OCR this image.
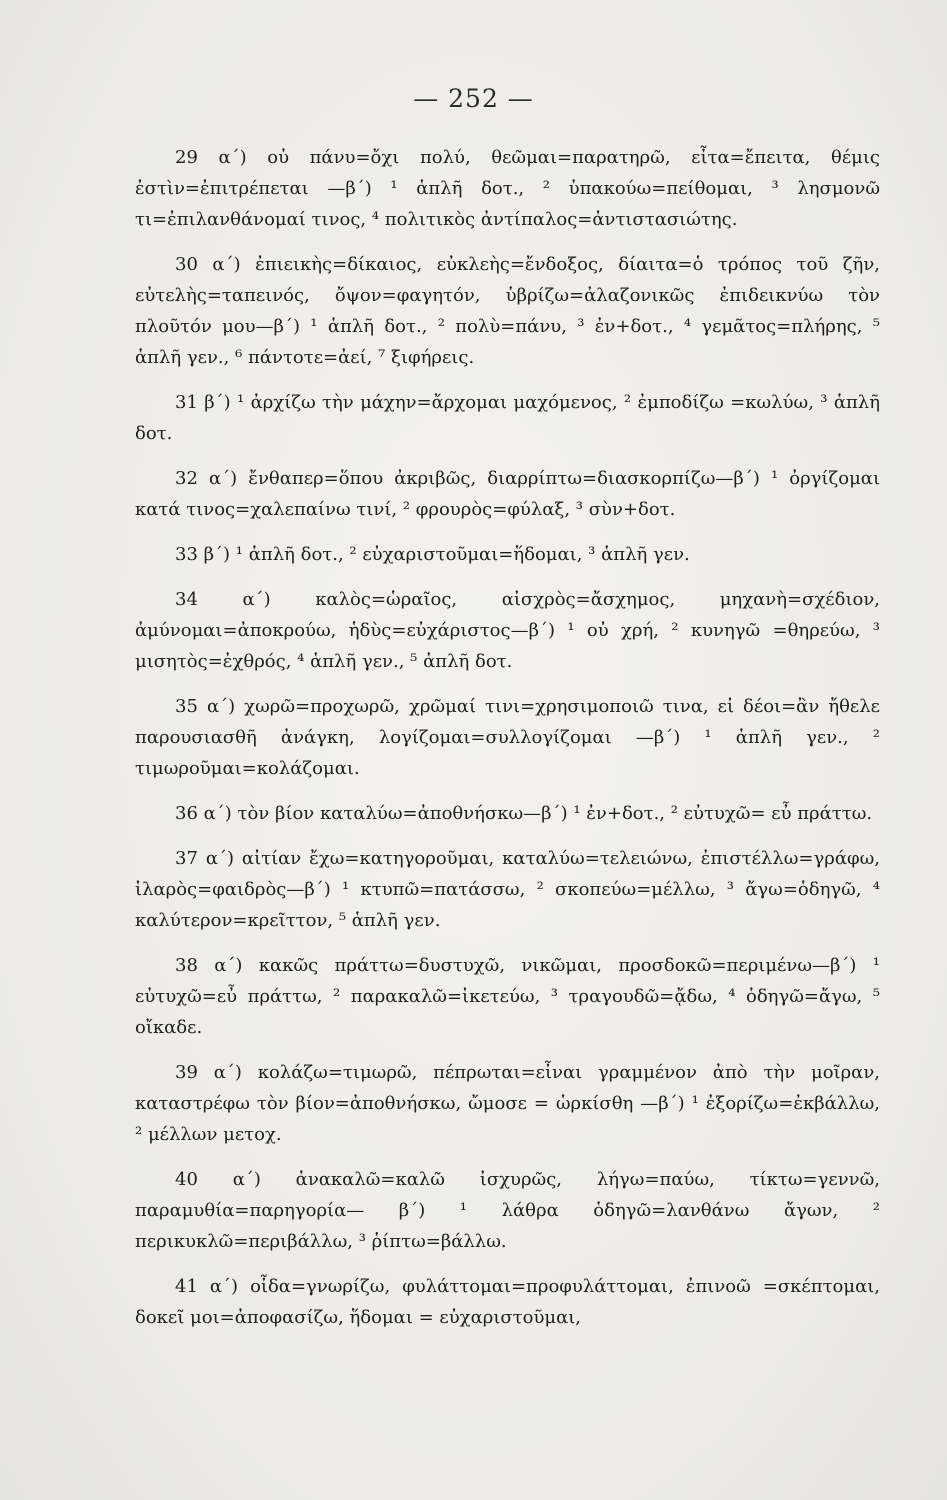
— 252 —

29 α΄) οὐ πάνυ=ὄχι πολύ, θεῶμαι=παρατηρῶ, εἶτα=ἔπειτα, θέμις ἐστὶν=ἐπιτρέπεται —β΄) ¹ ἁπλῆ δοτ., ² ὑπακούω=πείθομαι, ³ λησμονῶ τι=ἐπιλανθάνομαί τινος, ⁴ πολιτικὸς ἀντίπαλος=ἀντιστασιώτης.

30 α΄) ἐπιεικὴς=δίκαιος, εὐκλεὴς=ἔνδοξος, δίαιτα=ὁ τρόπος τοῦ ζῆν, εὐτελὴς=ταπεινός, ὄψον=φαγητόν, ὑβρίζω=ἀλαζονικῶς ἐπιδεικνύω τὸν πλοῦτόν μου—β΄) ¹ ἁπλῆ δοτ., ² πολὺ=πάνυ, ³ ἐν+δοτ., ⁴ γεμᾶτος=πλήρης, ⁵ ἁπλῆ γεν., ⁶ πάντοτε=ἀεί, ⁷ ξιφήρεις.

31 β΄) ¹ ἀρχίζω τὴν μάχην=ἄρχομαι μαχόμενος, ² ἐμποδίζω =κωλύω, ³ ἁπλῆ δοτ.

32 α΄) ἔνθαπερ=ὅπου ἀκριβῶς, διαρρίπτω=διασκορπίζω—β΄) ¹ ὀργίζομαι κατά τινος=χαλεπαίνω τινί, ² φρουρὸς=φύλαξ, ³ σὺν+δοτ.

33 β΄) ¹ ἁπλῆ δοτ., ² εὐχαριστοῦμαι=ἥδομαι, ³ ἁπλῆ γεν.

34 α΄) καλὸς=ὡραῖος, αἰσχρὸς=ἄσχημος, μηχανὴ=σχέδιον, ἀμύνομαι=ἀποκρούω, ἡδὺς=εὐχάριστος—β΄) ¹ οὐ χρή, ² κυνηγῶ =θηρεύω, ³ μισητὸς=ἐχθρός, ⁴ ἁπλῆ γεν., ⁵ ἁπλῆ δοτ.

35 α΄) χωρῶ=προχωρῶ, χρῶμαί τινι=χρησιμοποιῶ τινα, εἰ δέοι=ἂν ἤθελε παρουσιασθῆ ἀνάγκη, λογίζομαι=συλλογίζομαι —β΄) ¹ ἁπλῆ γεν., ² τιμωροῦμαι=κολάζομαι.

36 α΄) τὸν βίον καταλύω=ἀποθνήσκω—β΄) ¹ ἐν+δοτ., ² εὐτυχῶ= εὖ πράττω.

37 α΄) αἰτίαν ἔχω=κατηγοροῦμαι, καταλύω=τελειώνω, ἐπιστέλλω=γράφω, ἱλαρὸς=φαιδρὸς—β΄) ¹ κτυπῶ=πατάσσω, ² σκοπεύω=μέλλω, ³ ἄγω=ὁδηγῶ, ⁴ καλύτερον=κρεῖττον, ⁵ ἁπλῆ γεν.

38 α΄) κακῶς πράττω=δυστυχῶ, νικῶμαι, προσδοκῶ=περιμένω—β΄) ¹ εὐτυχῶ=εὖ πράττω, ² παρακαλῶ=ἱκετεύω, ³ τραγουδῶ=ᾄδω, ⁴ ὁδηγῶ=ἄγω, ⁵ οἴκαδε.

39 α΄) κολάζω=τιμωρῶ, πέπρωται=εἶναι γραμμένον ἀπὸ τὴν μοῖραν, καταστρέφω τὸν βίον=ἀποθνήσκω, ὤμοσε = ὡρκίσθη —β΄) ¹ ἐξορίζω=ἐκβάλλω, ² μέλλων μετοχ.

40 α΄) ἀνακαλῶ=καλῶ ἰσχυρῶς, λήγω=παύω, τίκτω=γεννῶ, παραμυθία=παρηγορία— β΄) ¹ λάθρα ὁδηγῶ=λανθάνω ἄγων, ² περικυκλῶ=περιβάλλω, ³ ῥίπτω=βάλλω.

41 α΄) οἶδα=γνωρίζω, φυλάττομαι=προφυλάττομαι, ἐπινοῶ =σκέπτομαι, δοκεῖ μοι=ἀποφασίζω, ἥδομαι = εὐχαριστοῦμαι,
